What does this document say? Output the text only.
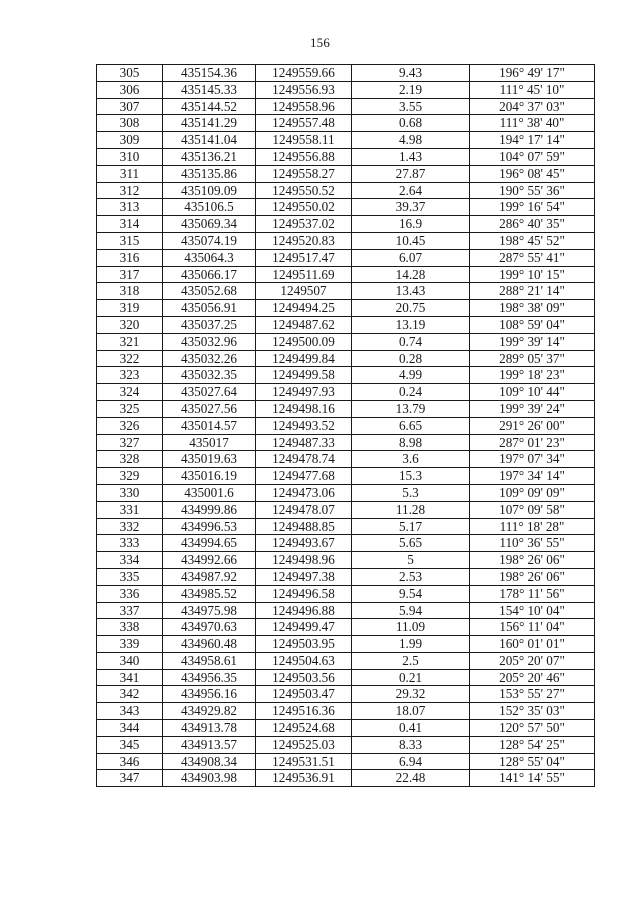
156
305	435154.36	1249559.66	9.43	196° 49' 17"
306	435145.33	1249556.93	2.19	111° 45' 10"
307	435144.52	1249558.96	3.55	204° 37' 03"
308	435141.29	1249557.48	0.68	111° 38' 40"
309	435141.04	1249558.11	4.98	194° 17' 14"
310	435136.21	1249556.88	1.43	104° 07' 59"
311	435135.86	1249558.27	27.87	196° 08' 45"
312	435109.09	1249550.52	2.64	190° 55' 36"
313	435106.5	1249550.02	39.37	199° 16' 54"
314	435069.34	1249537.02	16.9	286° 40' 35"
315	435074.19	1249520.83	10.45	198° 45' 52"
316	435064.3	1249517.47	6.07	287° 55' 41"
317	435066.17	1249511.69	14.28	199° 10' 15"
318	435052.68	1249507	13.43	288° 21' 14"
319	435056.91	1249494.25	20.75	198° 38' 09"
320	435037.25	1249487.62	13.19	108° 59' 04"
321	435032.96	1249500.09	0.74	199° 39' 14"
322	435032.26	1249499.84	0.28	289° 05' 37"
323	435032.35	1249499.58	4.99	199° 18' 23"
324	435027.64	1249497.93	0.24	109° 10' 44"
325	435027.56	1249498.16	13.79	199° 39' 24"
326	435014.57	1249493.52	6.65	291° 26' 00"
327	435017	1249487.33	8.98	287° 01' 23"
328	435019.63	1249478.74	3.6	197° 07' 34"
329	435016.19	1249477.68	15.3	197° 34' 14"
330	435001.6	1249473.06	5.3	109° 09' 09"
331	434999.86	1249478.07	11.28	107° 09' 58"
332	434996.53	1249488.85	5.17	111° 18' 28"
333	434994.65	1249493.67	5.65	110° 36' 55"
334	434992.66	1249498.96	5	198° 26' 06"
335	434987.92	1249497.38	2.53	198° 26' 06"
336	434985.52	1249496.58	9.54	178° 11' 56"
337	434975.98	1249496.88	5.94	154° 10' 04"
338	434970.63	1249499.47	11.09	156° 11' 04"
339	434960.48	1249503.95	1.99	160° 01' 01"
340	434958.61	1249504.63	2.5	205° 20' 07"
341	434956.35	1249503.56	0.21	205° 20' 46"
342	434956.16	1249503.47	29.32	153° 55' 27"
343	434929.82	1249516.36	18.07	152° 35' 03"
344	434913.78	1249524.68	0.41	120° 57' 50"
345	434913.57	1249525.03	8.33	128° 54' 25"
346	434908.34	1249531.51	6.94	128° 55' 04"
347	434903.98	1249536.91	22.48	141° 14' 55"
